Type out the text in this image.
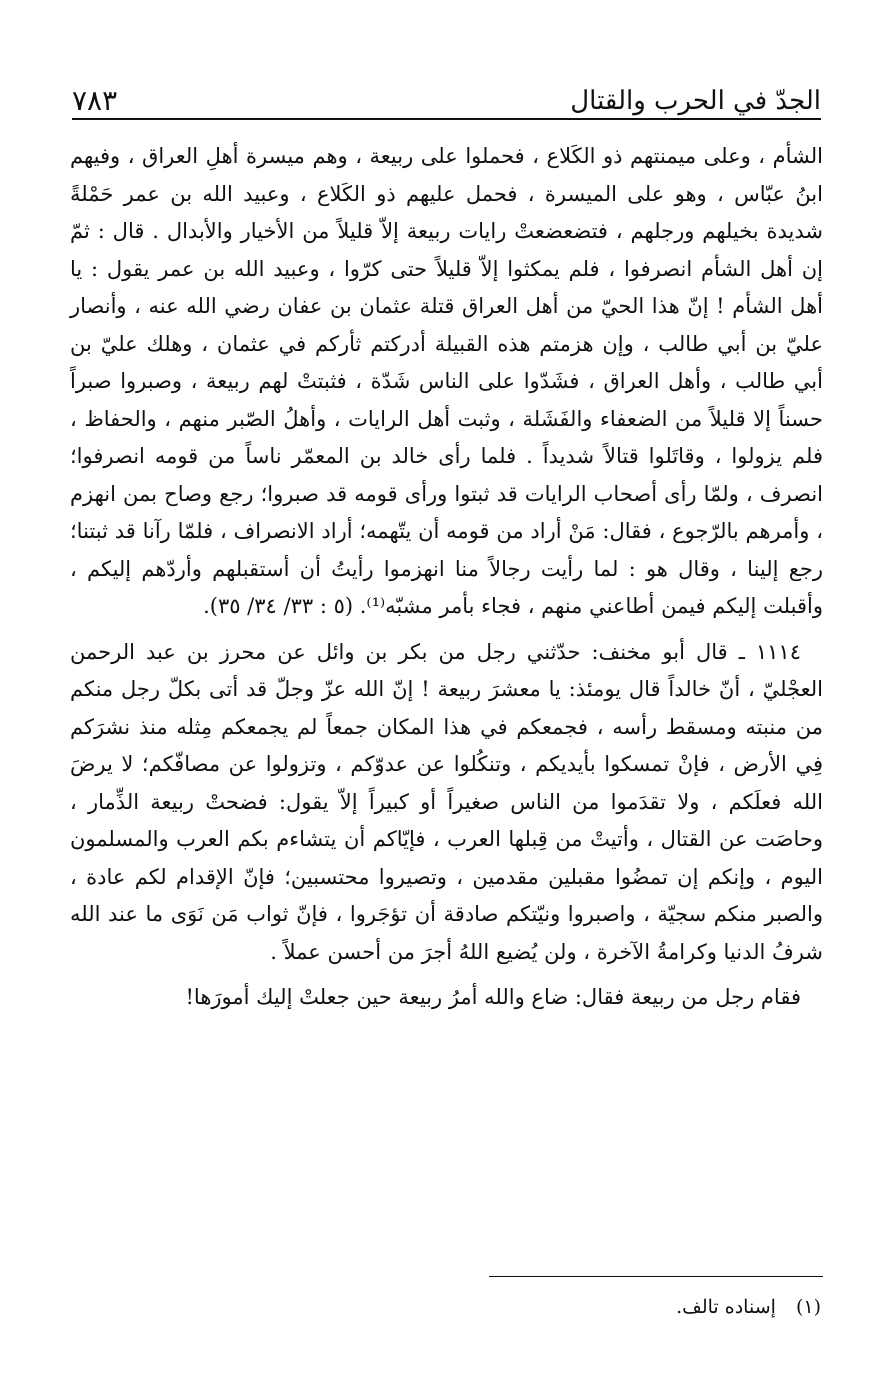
الجدّ في الحرب والقتال
٧٨٣

الشأم ، وعلى ميمنتهم ذو الكَلاع ، فحملوا على ربيعة ، وهم ميسرة أهلِ العراق ، وفيهم ابنُ عبّاس ، وهو على الميسرة ، فحمل عليهم ذو الكَلاع ، وعبيد الله بن عمر حَمْلةً شديدة بخيلهم ورجلهم ، فتضعضعتْ رايات ربيعة إلاّ قليلاً من الأخيار والأبدال . قال : ثمّ إن أهل الشأم انصرفوا ، فلم يمكثوا إلاّ قليلاً حتى كرّوا ، وعبيد الله بن عمر يقول : يا أهل الشأم ! إنّ هذا الحيّ من أهل العراق قتلة عثمان بن عفان رضي الله عنه ، وأنصار عليّ بن أبي طالب ، وإن هزمتم هذه القبيلة أدركتم ثأركم في عثمان ، وهلك عليّ بن أبي طالب ، وأهل العراق ، فشَدّوا على الناس شَدّة ، فثبتتْ لهم ربيعة ، وصبروا صبراً حسناً إلا قليلاً من الضعفاء والفَشَلة ، وثبت أهل الرايات ، وأهلُ الصّبر منهم ، والحفاظ ، فلم يزولوا ، وقاتَلوا قتالاً شديداً . فلما رأى خالد بن المعمّر ناساً من قومه انصرفوا؛ انصرف ، ولمّا رأى أصحاب الرايات قد ثبتوا ورأى قومه قد صبروا؛ رجع وصاح بمن انهزم ، وأمرهم بالرّجوع ، فقال: مَنْ أراد من قومه أن يتّهمه؛ أراد الانصراف ، فلمّا رآنا قد ثبتنا؛ رجع إلينا ، وقال هو : لما رأيت رجالاً منا انهزموا رأيتُ أن أستقبلهم وأردّهم إليكم ، وأقبلت إليكم فيمن أطاعني منهم ، فجاء بأمر مشبّه⁽¹⁾. (٥ : ٣٣/ ٣٤/ ٣٥).

١١١٤ ـ قال أبو مخنف: حدّثني رجل من بكر بن وائل عن محرز بن عبد الرحمن العجْليّ ، أنّ خالداً قال يومئذ: يا معشرَ ربيعة ! إنّ الله عزّ وجلّ قد أتى بكلّ رجل منكم من منبته ومسقط رأسه ، فجمعكم في هذا المكان جمعاً لم يجمعكم مِثله منذ نشرَكم فِي الأرض ، فإنْ تمسكوا بأيديكم ، وتنكُلوا عن عدوّكم ، وتزولوا عن مصافّكم؛ لا يرضَ الله فعلَكم ، ولا تقدَموا من الناس صغيراً أو كبيراً إلاّ يقول: فضحتْ ربيعة الذِّمار ، وحاصَت عن القتال ، وأتيتْ من قِبلها العرب ، فإيّاكم أن يتشاءم بكم العرب والمسلمون اليوم ، وإنكم إن تمضُوا مقبلين مقدمين ، وتصيروا محتسبين؛ فإنّ الإقدام لكم عادة ، والصبر منكم سجيّة ، واصبروا ونيّتكم صادقة أن تؤجَروا ، فإنّ ثواب مَن نَوَى ما عند الله شرفُ الدنيا وكرامةُ الآخرة ، ولن يُضيع اللهُ أجرَ من أحسن عملاً .

فقام رجل من ربيعة فقال: ضاع والله أمرُ ربيعة حين جعلتْ إليك أمورَها!

(١) إسناده تالف.
